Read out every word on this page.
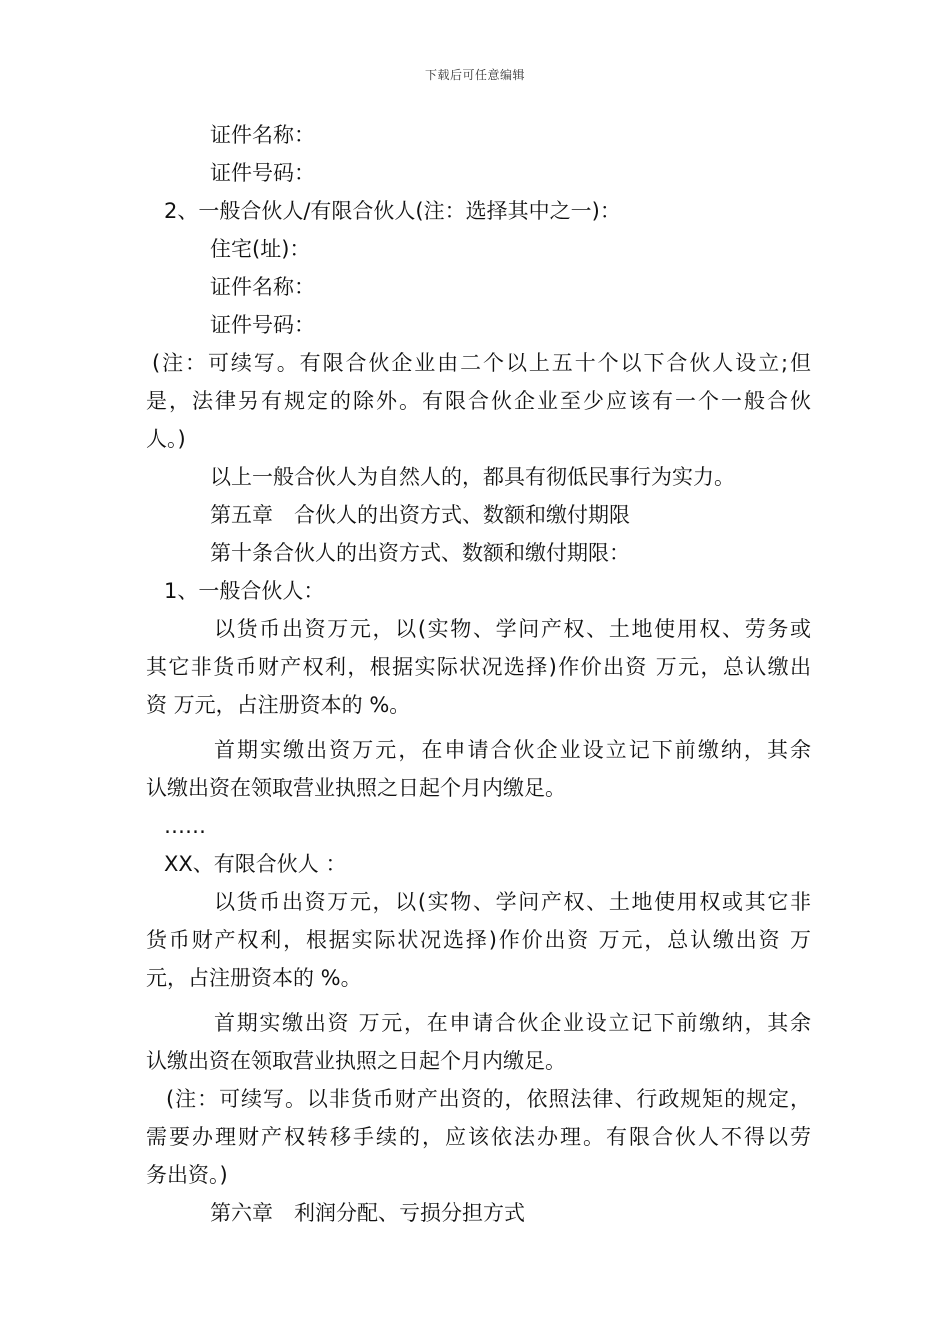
下载后可任意编辑
证件名称：
证件号码：
2、一般合伙人/有限合伙人(注：选择其中之一)：
住宅(址)：
证件名称：
证件号码：
(注：可续写。有限合伙企业由二个以上五十个以下合伙人设立;但
是，法律另有规定的除外。有限合伙企业至少应该有一个一般合伙
人。)
以上一般合伙人为自然人的，都具有彻低民事行为实力。
第五章　合伙人的出资方式、数额和缴付期限
第十条合伙人的出资方式、数额和缴付期限：
1、一般合伙人：
以货币出资万元，以(实物、学问产权、土地使用权、劳务或
其它非货币财产权利，根据实际状况选择)作价出资 万元，总认缴出
资 万元，占注册资本的 %。
首期实缴出资万元，在申请合伙企业设立记下前缴纳，其余
认缴出资在领取营业执照之日起个月内缴足。
……
XX、有限合伙人 ：
以货币出资万元，以(实物、学问产权、土地使用权或其它非
货币财产权利，根据实际状况选择)作价出资 万元，总认缴出资 万
元，占注册资本的 %。
首期实缴出资 万元，在申请合伙企业设立记下前缴纳，其余
认缴出资在领取营业执照之日起个月内缴足。
(注：可续写。以非货币财产出资的，依照法律、行政规矩的规定，
需要办理财产权转移手续的，应该依法办理。有限合伙人不得以劳
务出资。)
第六章　利润分配、亏损分担方式
